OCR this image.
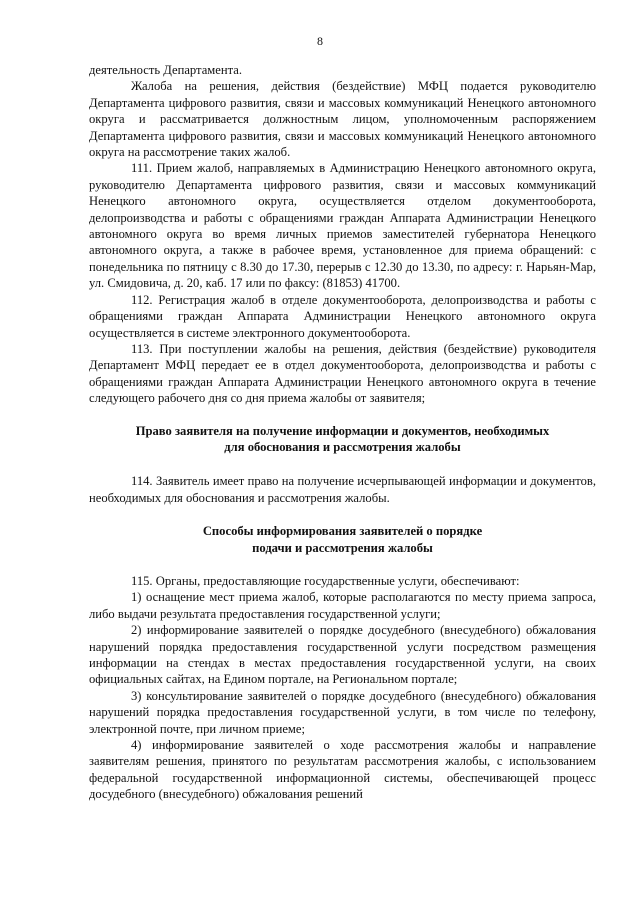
8

деятельность Департамента.

Жалоба на решения, действия (бездействие) МФЦ подается руководителю Департамента цифрового развития, связи и массовых коммуникаций Ненецкого автономного округа и рассматривается должностным лицом, уполномоченным распоряжением Департамента цифрового развития, связи и массовых коммуникаций Ненецкого автономного округа на рассмотрение таких жалоб.

111. Прием жалоб, направляемых в Администрацию Ненецкого автономного округа, руководителю Департамента цифрового развития, связи и массовых коммуникаций Ненецкого автономного округа, осуществляется отделом документооборота, делопроизводства и работы с обращениями граждан Аппарата Администрации Ненецкого автономного округа во время личных приемов заместителей губернатора Ненецкого автономного округа, а также в рабочее время, установленное для приема обращений: с понедельника по пятницу с 8.30 до 17.30, перерыв с 12.30 до 13.30, по адресу: г. Нарьян-Мар, ул. Смидовича, д. 20, каб. 17 или по факсу: (81853) 41700.

112. Регистрация жалоб в отделе документооборота, делопроизводства и работы с обращениями граждан Аппарата Администрации Ненецкого автономного округа осуществляется в системе электронного документооборота.

113. При поступлении жалобы на решения, действия (бездействие) руководителя Департамент МФЦ передает ее в отдел документооборота, делопроизводства и работы с обращениями граждан Аппарата Администрации Ненецкого автономного округа в течение следующего рабочего дня со дня приема жалобы от заявителя;

Право заявителя на получение информации и документов, необходимых
для обоснования и рассмотрения жалобы

114. Заявитель имеет право на получение исчерпывающей информации и документов, необходимых для обоснования и рассмотрения жалобы.

Способы информирования заявителей о порядке
подачи и рассмотрения жалобы

115. Органы, предоставляющие государственные услуги, обеспечивают:

1) оснащение мест приема жалоб, которые располагаются по месту приема запроса, либо выдачи результата предоставления государственной услуги;

2) информирование заявителей о порядке досудебного (внесудебного) обжалования нарушений порядка предоставления государственной услуги посредством размещения информации на стендах в местах предоставления государственной услуги, на своих официальных сайтах, на Едином портале, на Региональном портале;

3) консультирование заявителей о порядке досудебного (внесудебного) обжалования нарушений порядка предоставления государственной услуги, в том числе по телефону, электронной почте, при личном приеме;

4) информирование заявителей о ходе рассмотрения жалобы и направление заявителям решения, принятого по результатам рассмотрения жалобы, с использованием федеральной государственной информационной системы, обеспечивающей процесс досудебного (внесудебного) обжалования решений
